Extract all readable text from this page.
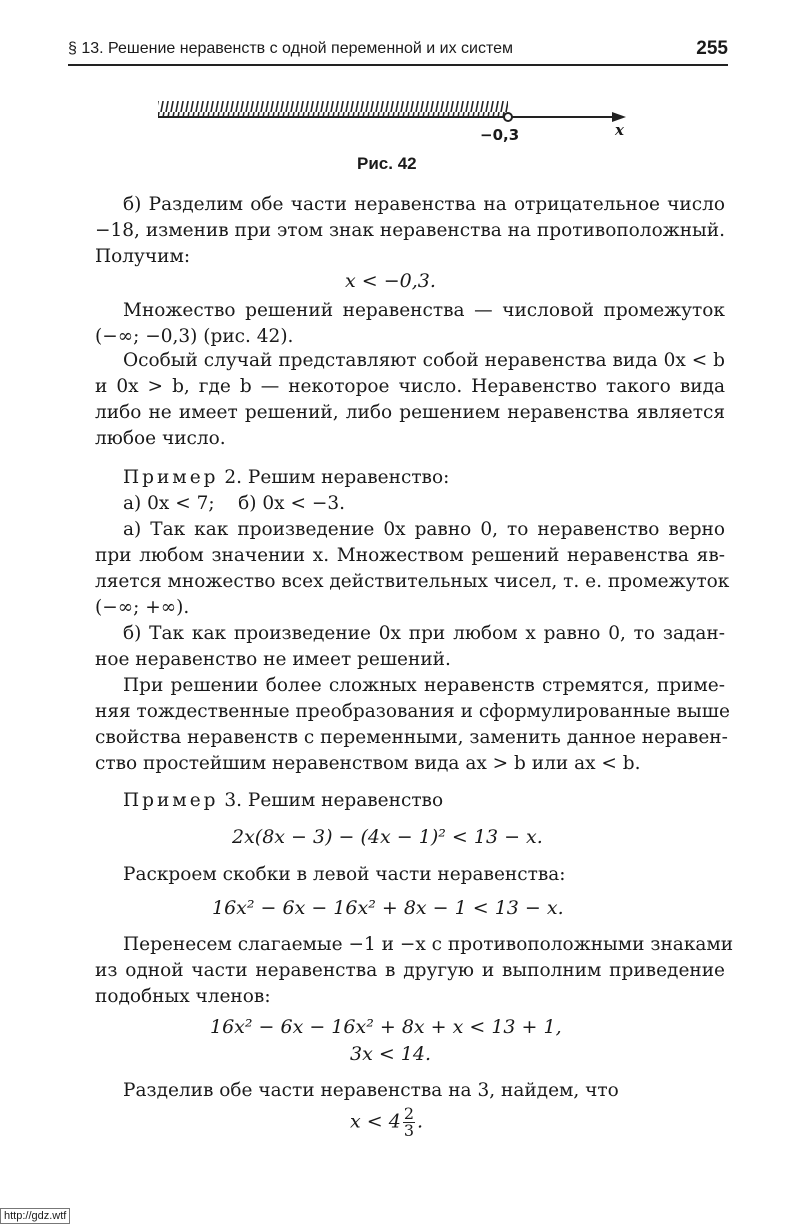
§ 13. Решение неравенств с одной переменной и их систем	255
−0,3	x
Рис. 42
б) Разделим обе части неравенства на отрицательное число
−18, изменив при этом знак неравенства на противоположный.
Получим:
x < −0,3.
Множество решений неравенства — числовой промежуток
(−∞; −0,3) (рис. 42).
Особый случай представляют собой неравенства вида 0x < b
и 0x > b, где b — некоторое число. Неравенство такого вида
либо не имеет решений, либо решением неравенства является
любое число.
Пример 2. Решим неравенство:
а) 0x < 7;    б) 0x < −3.
а) Так как произведение 0x равно 0, то неравенство верно
при любом значении x. Множеством решений неравенства яв-
ляется множество всех действительных чисел, т. е. промежуток
(−∞; +∞).
б) Так как произведение 0x при любом x равно 0, то задан-
ное неравенство не имеет решений.
При решении более сложных неравенств стремятся, приме-
няя тождественные преобразования и сформулированные выше
свойства неравенств с переменными, заменить данное неравен-
ство простейшим неравенством вида ax > b или ax < b.
Пример 3. Решим неравенство
2x(8x − 3) − (4x − 1)² < 13 − x.
Раскроем скобки в левой части неравенства:
16x² − 6x − 16x² + 8x − 1 < 13 − x.
Перенесем слагаемые −1 и −x с противоположными знаками
из одной части неравенства в другую и выполним приведение
подобных членов:
16x² − 6x − 16x² + 8x + x < 13 + 1,
3x < 14.
Разделив обе части неравенства на 3, найдем, что
$x < 4 \frac{2}{3}$ .
http://gdz.wtf
